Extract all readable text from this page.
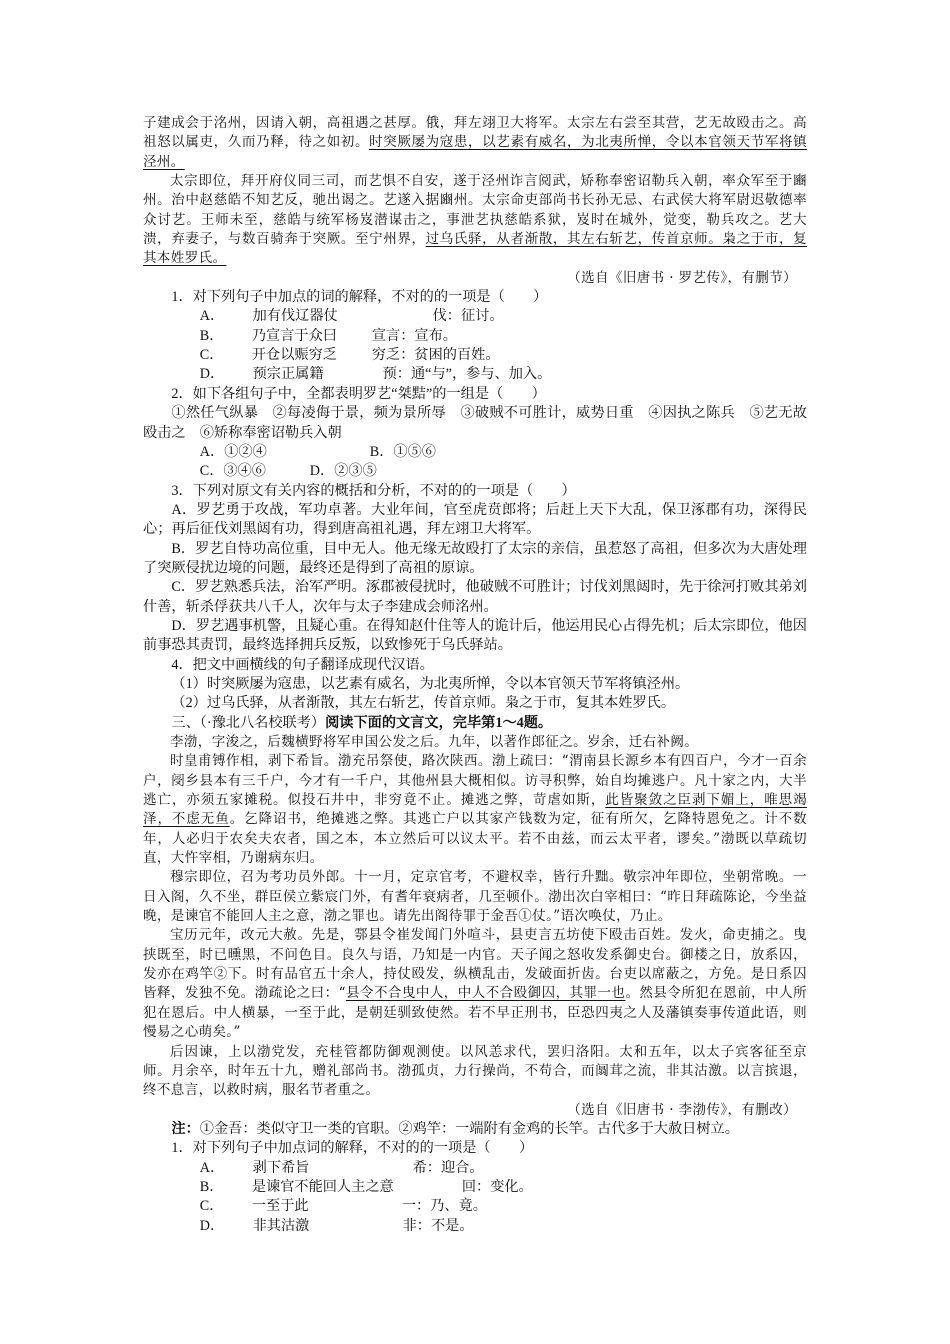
子建成会于洺州，因请入朝，高祖遇之甚厚。俄，拜左翊卫大将军。太宗左右尝至其营，艺无故殴击之。高祖怒以属吏，久而乃释，待之如初。时突厥屡为寇患，以艺素有威名，为北夷所惮，令以本官领天节军将镇泾州。

太宗即位，拜开府仪同三司，而艺惧不自安，遂于泾州诈言阅武，矫称奉密诏勒兵入朝，率众军至于豳州。治中赵慈皓不知艺反，驰出谒之。艺遂入据豳州。太宗命吏部尚书长孙无忌、右武侯大将军尉迟敬德率众讨艺。王师未至，慈皓与统军杨岌潜谋击之，事泄艺执慈皓系狱，岌时在城外，觉变，勒兵攻之。艺大溃，弃妻子，与数百骑奔于突厥。至宁州界，过乌氏驿，从者渐散，其左右斩艺，传首京师。枭之于市，复其本姓罗氏。

（选自《旧唐书 · 罗艺传》，有删节）

1．对下列句子中加点的词的解释，不对的的一项是（　　）

A． 加有伐辽器仗	伐：征讨。

B． 乃宣言于众曰 宣言：宣布。

C． 开仓以赈穷乏 穷乏：贫困的百姓。

D． 预宗正属籍	预：通“与”，参与、加入。

2．如下各组句子中，全都表明罗艺“桀黠”的一组是（　　）

①然任气纵暴　②每凌侮于景，频为景所辱　③破贼不可胜计，威势日重　④因执之陈兵　⑤艺无故殴击之　⑥矫称奉密诏勒兵入朝

A．①②④	B．①⑤⑥

C．③④⑥	D．②③⑤

3．下列对原文有关内容的概括和分析，不对的的一项是（　　）

A．罗艺勇于攻战，军功卓著。大业年间，官至虎贲郎将；后赶上天下大乱，保卫涿郡有功，深得民心；再后征伐刘黑闼有功，得到唐高祖礼遇，拜左翊卫大将军。

B．罗艺自恃功高位重，目中无人。他无缘无故殴打了太宗的亲信，虽惹怒了高祖，但多次为大唐处理了突厥侵扰边境的问题，最终还是得到了高祖的原谅。

C．罗艺熟悉兵法，治军严明。涿郡被侵扰时，他破贼不可胜计；讨伐刘黑闼时，先于徐河打败其弟刘什善，斩杀俘获共八千人，次年与太子李建成会师洺州。

D．罗艺遇事机警，且疑心重。在得知赵什住等人的诡计后，他运用民心占得先机；后太宗即位，他因前事恐其责罚，最终选择拥兵反叛，以致惨死于乌氏驿站。

4．把文中画横线的句子翻译成现代汉语。

（1）时突厥屡为寇患，以艺素有威名，为北夷所惮，令以本官领天节军将镇泾州。

（2）过乌氏驿，从者渐散，其左右斩艺，传首京师。枭之于市，复其本姓罗氏。

三、（·豫北八名校联考）阅读下面的文言文，完毕第1～4题。

李渤，字浚之，后魏横野将军申国公发之后。九年，以著作郎征之。岁余，迁右补阙。

时皇甫镈作相，剥下希旨。渤充吊祭使，路次陕西。渤上疏曰：“渭南县长源乡本有四百户，今才一百余户，阌乡县本有三千户，今才有一千户，其他州县大概相似。访寻积弊，始自均摊逃户。凡十家之内，大半逃亡，亦须五家摊税。似投石井中，非穷竟不止。摊逃之弊，苛虐如斯，此皆聚敛之臣剥下媚上，唯思竭泽，不虑无鱼。乞降诏书，绝摊逃之弊。其逃亡户以其家产钱数为定，征有所欠，乞降特恩免之。计不数年，人必归于农矣夫农者，国之本，本立然后可以议太平。若不由兹，而云太平者，谬矣。”渤既以草疏切直，大忤宰相，乃谢病东归。

穆宗即位，召为考功员外郎。十一月，定京官考，不避权幸，皆行升黜。敬宗冲年即位，坐朝常晚。一日入阁，久不坐，群臣侯立紫宸门外，有耆年衰病者，几至顿仆。渤出次白宰相曰：“昨日拜疏陈论，今坐益晚，是谏官不能回人主之意，渤之罪也。请先出阁待罪于金吾①仗。”语次唤仗，乃止。

宝历元年，改元大赦。先是，鄠县令崔发闻门外喧斗，县吏言五坊使下殴击百姓。发火，命吏捕之。曳挟既至，时已曛黑，不问色目。良久与语，乃知是一内官。天子闻之怒收发系御史台。御楼之日，放系囚，发亦在鸡竿②下。时有品官五十余人，持仗殴发，纵横乱击，发破面折齿。台吏以席蔽之，方免。是日系囚皆释，发独不免。渤疏论之曰：“县令不合曳中人，中人不合殴御囚，其罪一也。然县令所犯在恩前，中人所犯在恩后。中人横暴，一至于此，是朝廷驯致使然。若不早正刑书，臣恐四夷之人及藩镇奏事传道此语，则慢易之心萌矣。”

后因谏，上以渤党发，充桂管都防御观测使。以风恙求代，罢归洛阳。太和五年，以太子宾客征至京师。月余卒，时年五十九，赠礼部尚书。渤孤贞，力行操尚，不苟合，而阘茸之流，非其沽激。以言摈退，终不息言，以救时病，服名节者重之。

（选自《旧唐书 · 李渤传》，有删改）

注：①金吾：类似守卫一类的官职。②鸡竿：一端附有金鸡的长竿。古代多于大赦日树立。

1．对下列句子中加点词的解释，不对的的一项是（　　）

A． 剥下希旨	希：迎合。

B． 是谏官不能回人主之意	回：变化。

C． 一至于此	一：乃、竟。

D． 非其沽激	非：不是。
